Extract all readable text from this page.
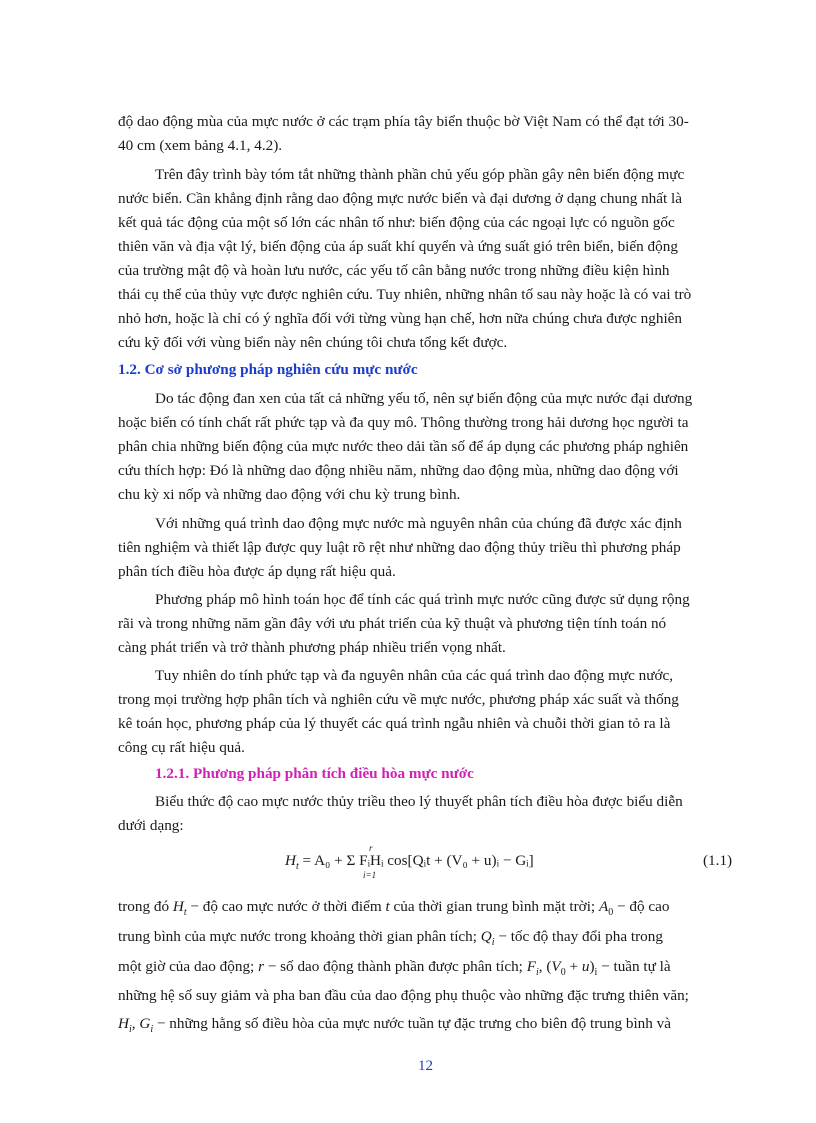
độ dao động mùa của mực nước ở các trạm phía tây biển thuộc bờ Việt Nam có thể đạt tới 30-
40 cm (xem bảng 4.1, 4.2).
Trên đây trình bày tóm tắt những thành phần chủ yếu góp phần gây nên biến động mực
nước biển. Cần khẳng định rằng dao động mực nước biển và đại dương ở dạng chung nhất là
kết quả tác động của một số lớn các nhân tố như: biến động của các ngoại lực có nguồn gốc
thiên văn và địa vật lý, biến động của áp suất khí quyển và ứng suất gió trên biển, biến động
của trường mật độ và hoàn lưu nước, các yếu tố cân bằng nước trong những điều kiện hình
thái cụ thể của thủy vực được nghiên cứu. Tuy nhiên, những nhân tố sau này hoặc là có vai trò
nhỏ hơn, hoặc là chỉ có ý nghĩa đối với từng vùng hạn chế, hơn nữa chúng chưa được nghiên
cứu kỹ đối với vùng biển này nên chúng tôi chưa tổng kết được.
1.2. Cơ sở phương pháp nghiên cứu mực nước
Do tác động đan xen của tất cả những yếu tố, nên sự biến động của mực nước đại dương
hoặc biển có tính chất rất phức tạp và đa quy mô. Thông thường trong hải dương học người ta
phân chia những biến động của mực nước theo dải tần số để áp dụng các phương pháp nghiên
cứu thích hợp: Đó là những dao động nhiều năm, những dao động mùa, những dao động với
chu kỳ xi nốp và những dao động với chu kỳ trung bình.
Với những quá trình dao động mực nước mà nguyên nhân của chúng đã được xác định
tiên nghiệm và thiết lập được quy luật rõ rệt như những dao động thủy triều thì phương pháp
phân tích điều hòa được áp dụng rất hiệu quả.
Phương pháp mô hình toán học để tính các quá trình mực nước cũng được sử dụng rộng
rãi và trong những năm gần đây với ưu phát triển của kỹ thuật và phương tiện tính toán nó
càng phát triển và trở thành phương pháp nhiều triển vọng nhất.
Tuy nhiên do tính phức tạp và đa nguyên nhân của các quá trình dao động mực nước,
trong mọi trường hợp phân tích và nghiên cứu về mực nước, phương pháp xác suất và thống
kê toán học, phương pháp của lý thuyết các quá trình ngẫu nhiên và chuỗi thời gian tỏ ra là
công cụ rất hiệu quả.
1.2.1. Phương pháp phân tích điều hòa mực nước
Biểu thức độ cao mực nước thủy triều theo lý thuyết phân tích điều hòa được biểu diễn
dưới dạng:
$H_t = A_0 + \Sigma$ FᵢHᵢ cos[Qᵢt + (V₀ + u)ᵢ − Gᵢ]
r
i=1
(1.1)
trong đó $H_t$ − độ cao mực nước ở thời điểm t của thời gian trung bình mặt trời; $A_0$ − độ cao
trung bình của mực nước trong khoảng thời gian phân tích; $Q_i$ − tốc độ thay đổi pha trong
một giờ của dao động; r − số dao động thành phần được phân tích; $F_i$, $(V_0 + u)_i$ − tuần tự là
những hệ số suy giảm và pha ban đầu của dao động phụ thuộc vào những đặc trưng thiên văn;
$H_i$, $G_i$ − những hằng số điều hòa của mực nước tuần tự đặc trưng cho biên độ trung bình và
12
